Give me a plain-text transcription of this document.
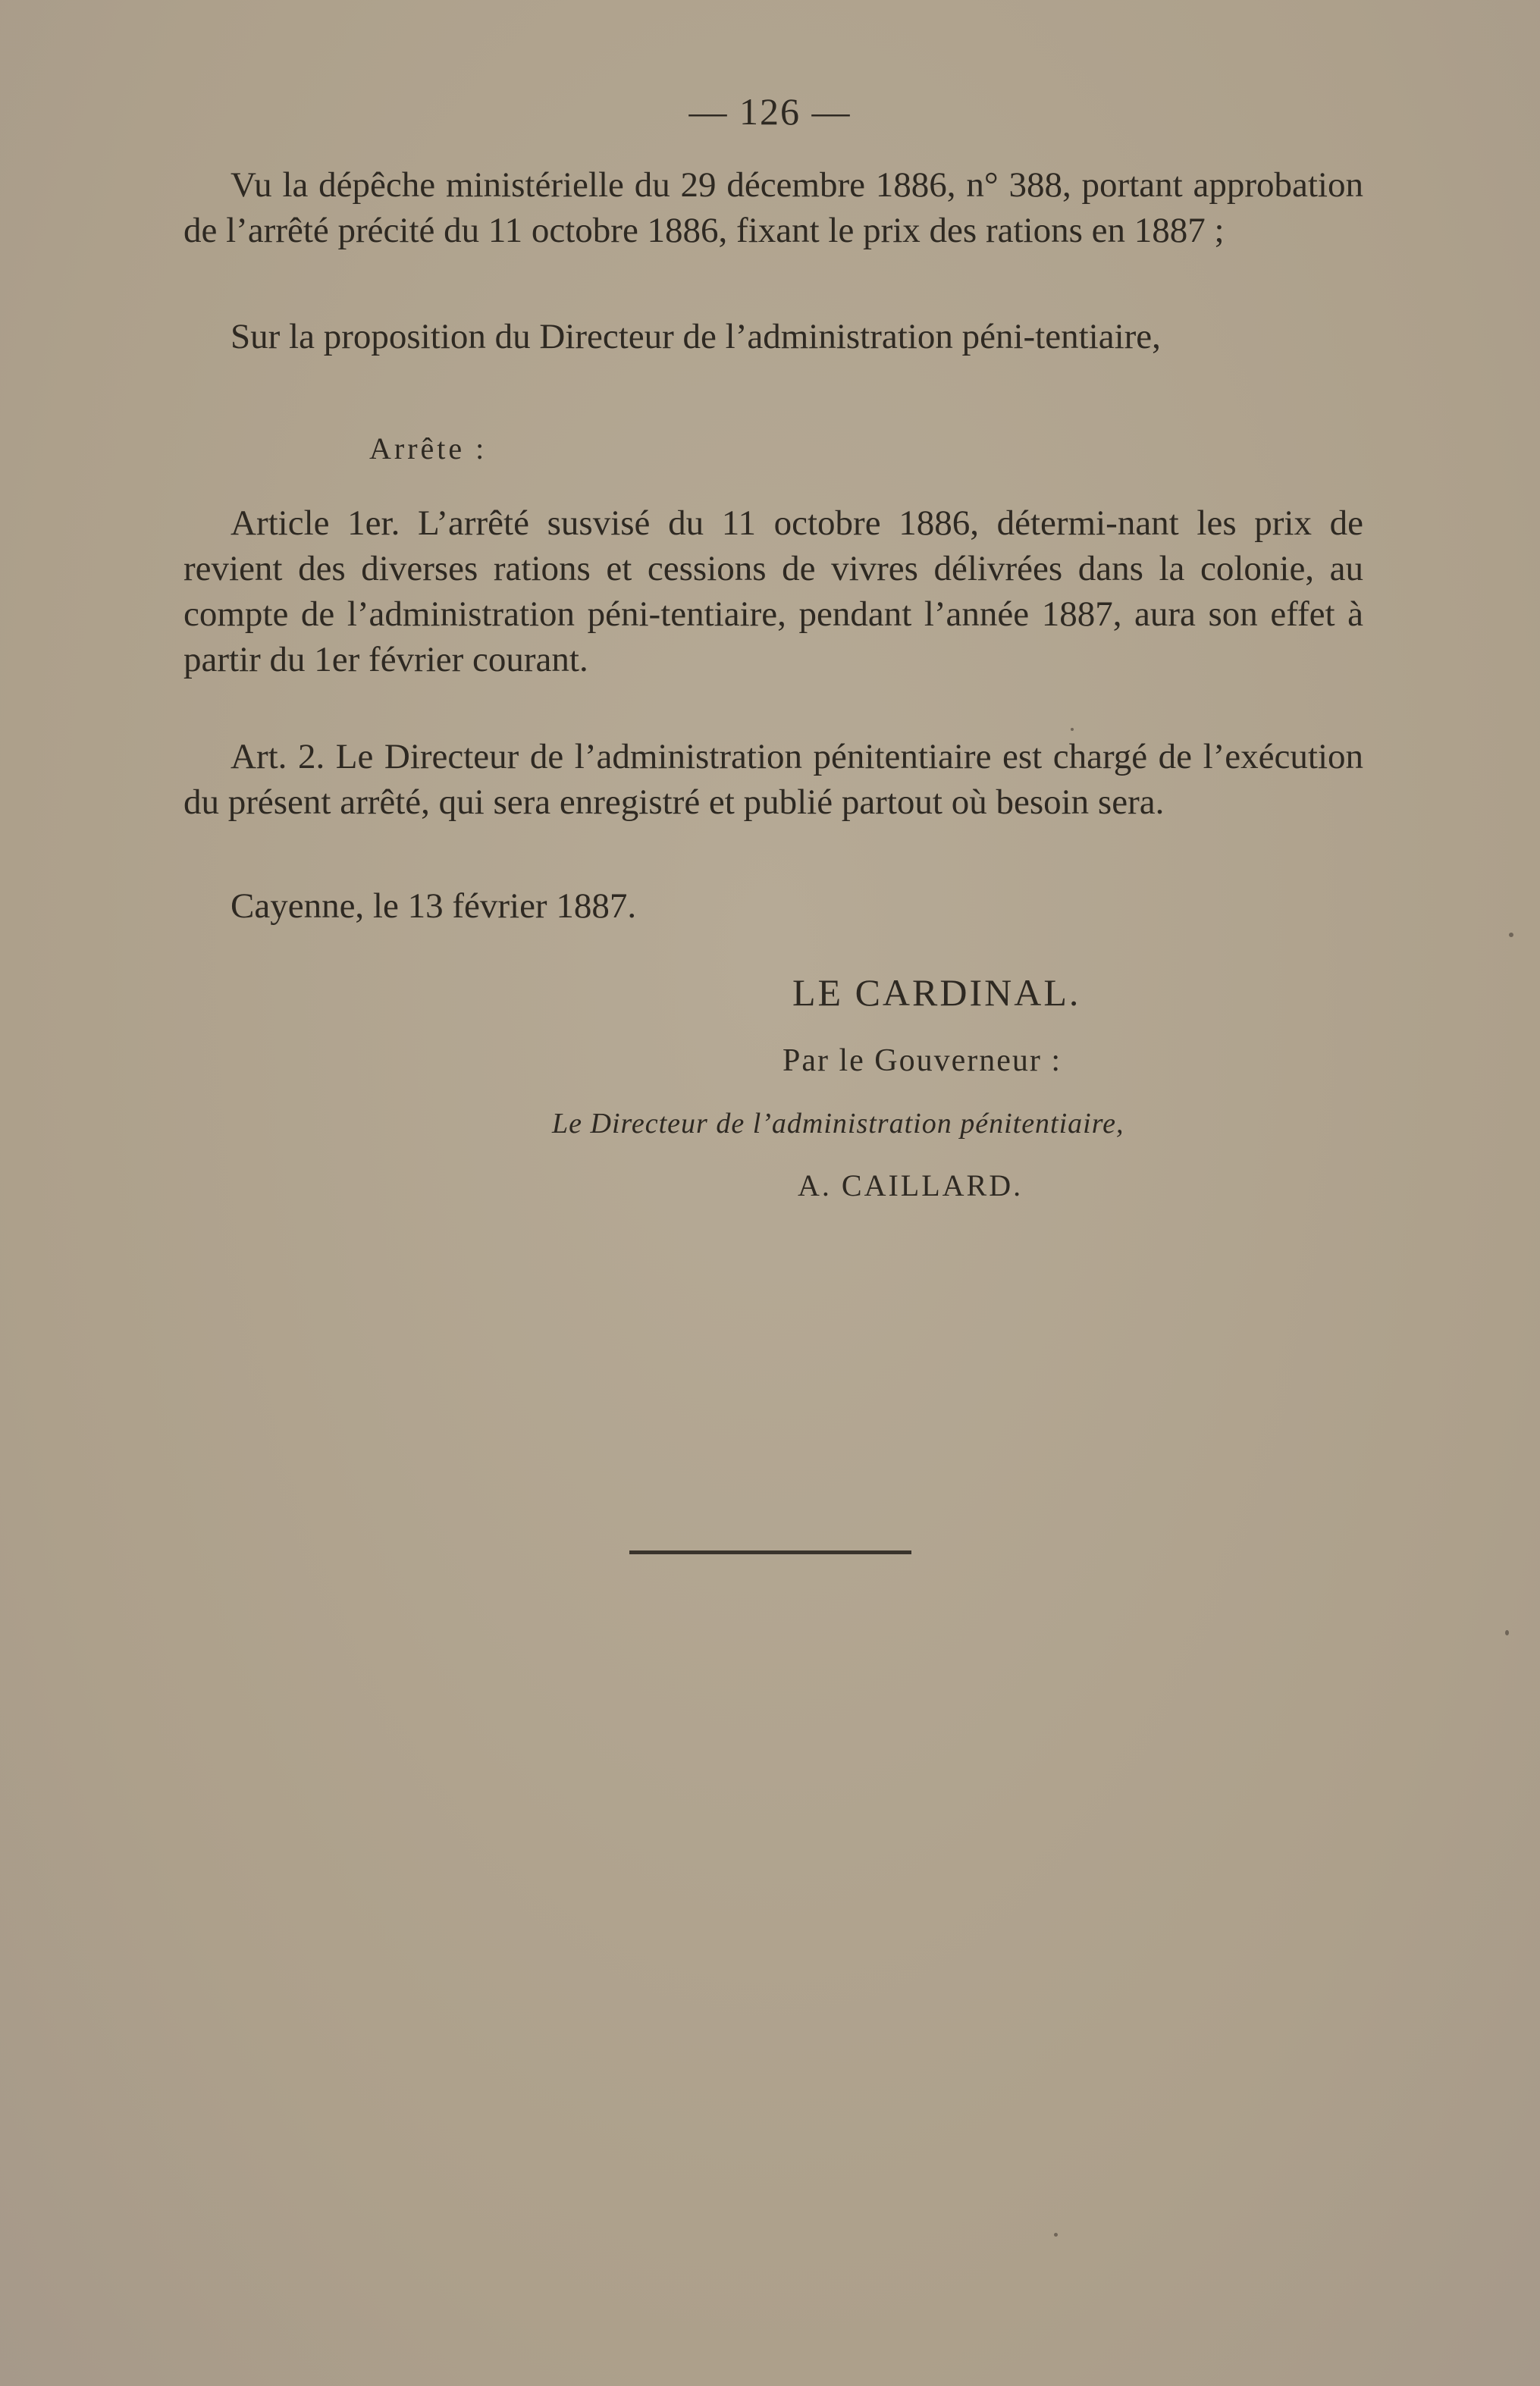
— 126 —

Vu la dépêche ministérielle du 29 décembre 1886, n° 388, portant approbation de l’arrêté précité du 11 octobre 1886, fixant le prix des rations en 1887 ;

Sur la proposition du Directeur de l’administration péni-tentiaire,

Arrête :

Article 1er. L’arrêté susvisé du 11 octobre 1886, détermi-nant les prix de revient des diverses rations et cessions de vivres délivrées dans la colonie, au compte de l’administration péni-tentiaire, pendant l’année 1887, aura son effet à partir du 1er février courant.

Art. 2. Le Directeur de l’administration pénitentiaire est chargé de l’exécution du présent arrêté, qui sera enregistré et publié partout où besoin sera.

Cayenne, le 13 février 1887.

LE CARDINAL.
Par le Gouverneur :
Le Directeur de l’administration pénitentiaire,
A. CAILLARD.
